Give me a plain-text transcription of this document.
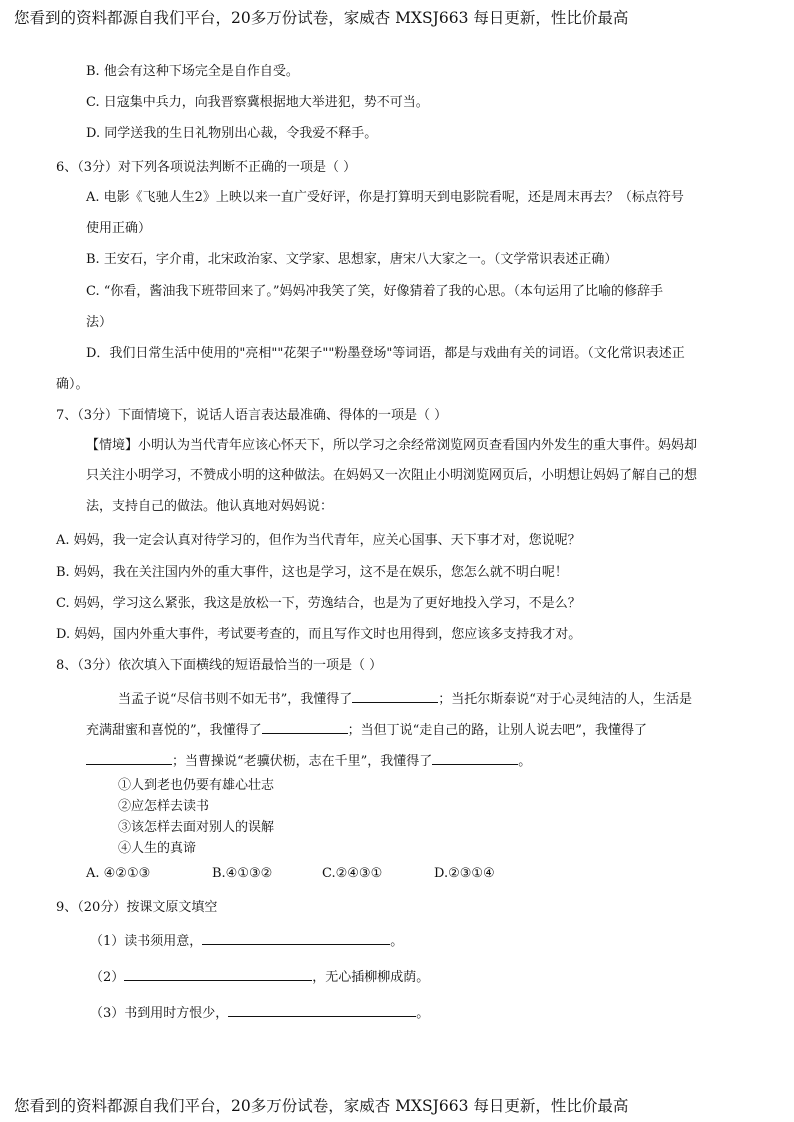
您看到的资料都源自我们平台，20多万份试卷，家威杏 MXSJ663 每日更新，性比价最高
B. 他会有这种下场完全是自作自受。
C. 日寇集中兵力，向我晋察冀根据地大举进犯，势不可当。
D. 同学送我的生日礼物别出心裁，令我爱不释手。
6、（3分）对下列各项说法判断不正确的一项是（ ）
A. 电影《飞驰人生2》上映以来一直广受好评，你是打算明天到电影院看呢，还是周末再去？（标点符号
使用正确）
B. 王安石，字介甫，北宋政治家、文学家、思想家，唐宋八大家之一。（文学常识表述正确）
C. “你看，酱油我下班带回来了。”妈妈冲我笑了笑，好像猜着了我的心思。（本句运用了比喻的修辞手
法）
D．我们日常生活中使用的"亮相""花架子""粉墨登场"等词语，都是与戏曲有关的词语。（文化常识表述正
确）。
7、（3分）下面情境下，说话人语言表达最准确、得体的一项是（ ）
【情境】小明认为当代青年应该心怀天下，所以学习之余经常浏览网页查看国内外发生的重大事件。妈妈却
只关注小明学习，不赞成小明的这种做法。在妈妈又一次阻止小明浏览网页后，小明想让妈妈了解自己的想
法，支持自己的做法。他认真地对妈妈说：
A. 妈妈，我一定会认真对待学习的，但作为当代青年，应关心国事、天下事才对，您说呢？
B. 妈妈，我在关注国内外的重大事件，这也是学习，这不是在娱乐，您怎么就不明白呢！
C. 妈妈，学习这么紧张，我这是放松一下，劳逸结合，也是为了更好地投入学习，不是么？
D. 妈妈，国内外重大事件，考试要考查的，而且写作文时也用得到，您应该多支持我才对。
8、（3分）依次填入下面横线的短语最恰当的一项是（ ）
当孟子说“尽信书则不如无书”，我懂得了	；当托尔斯泰说“对于心灵纯洁的人，生活是
充满甜蜜和喜悦的”，我懂得了	；当但丁说“走自己的路，让别人说去吧”，我懂得了
；当曹操说“老骥伏枥，志在千里”，我懂得了	。
①人到老也仍要有雄心壮志
②应怎样去读书
③该怎样去面对别人的误解
④人生的真谛
A. ④②①③	B.④①③②	C.②④③①	D.②③①④
9、（20分）按课文原文填空
（1）读书须用意，	。
（2）	，无心插柳柳成荫。
（3）书到用时方恨少，	。
您看到的资料都源自我们平台，20多万份试卷，家威杏 MXSJ663 每日更新，性比价最高
